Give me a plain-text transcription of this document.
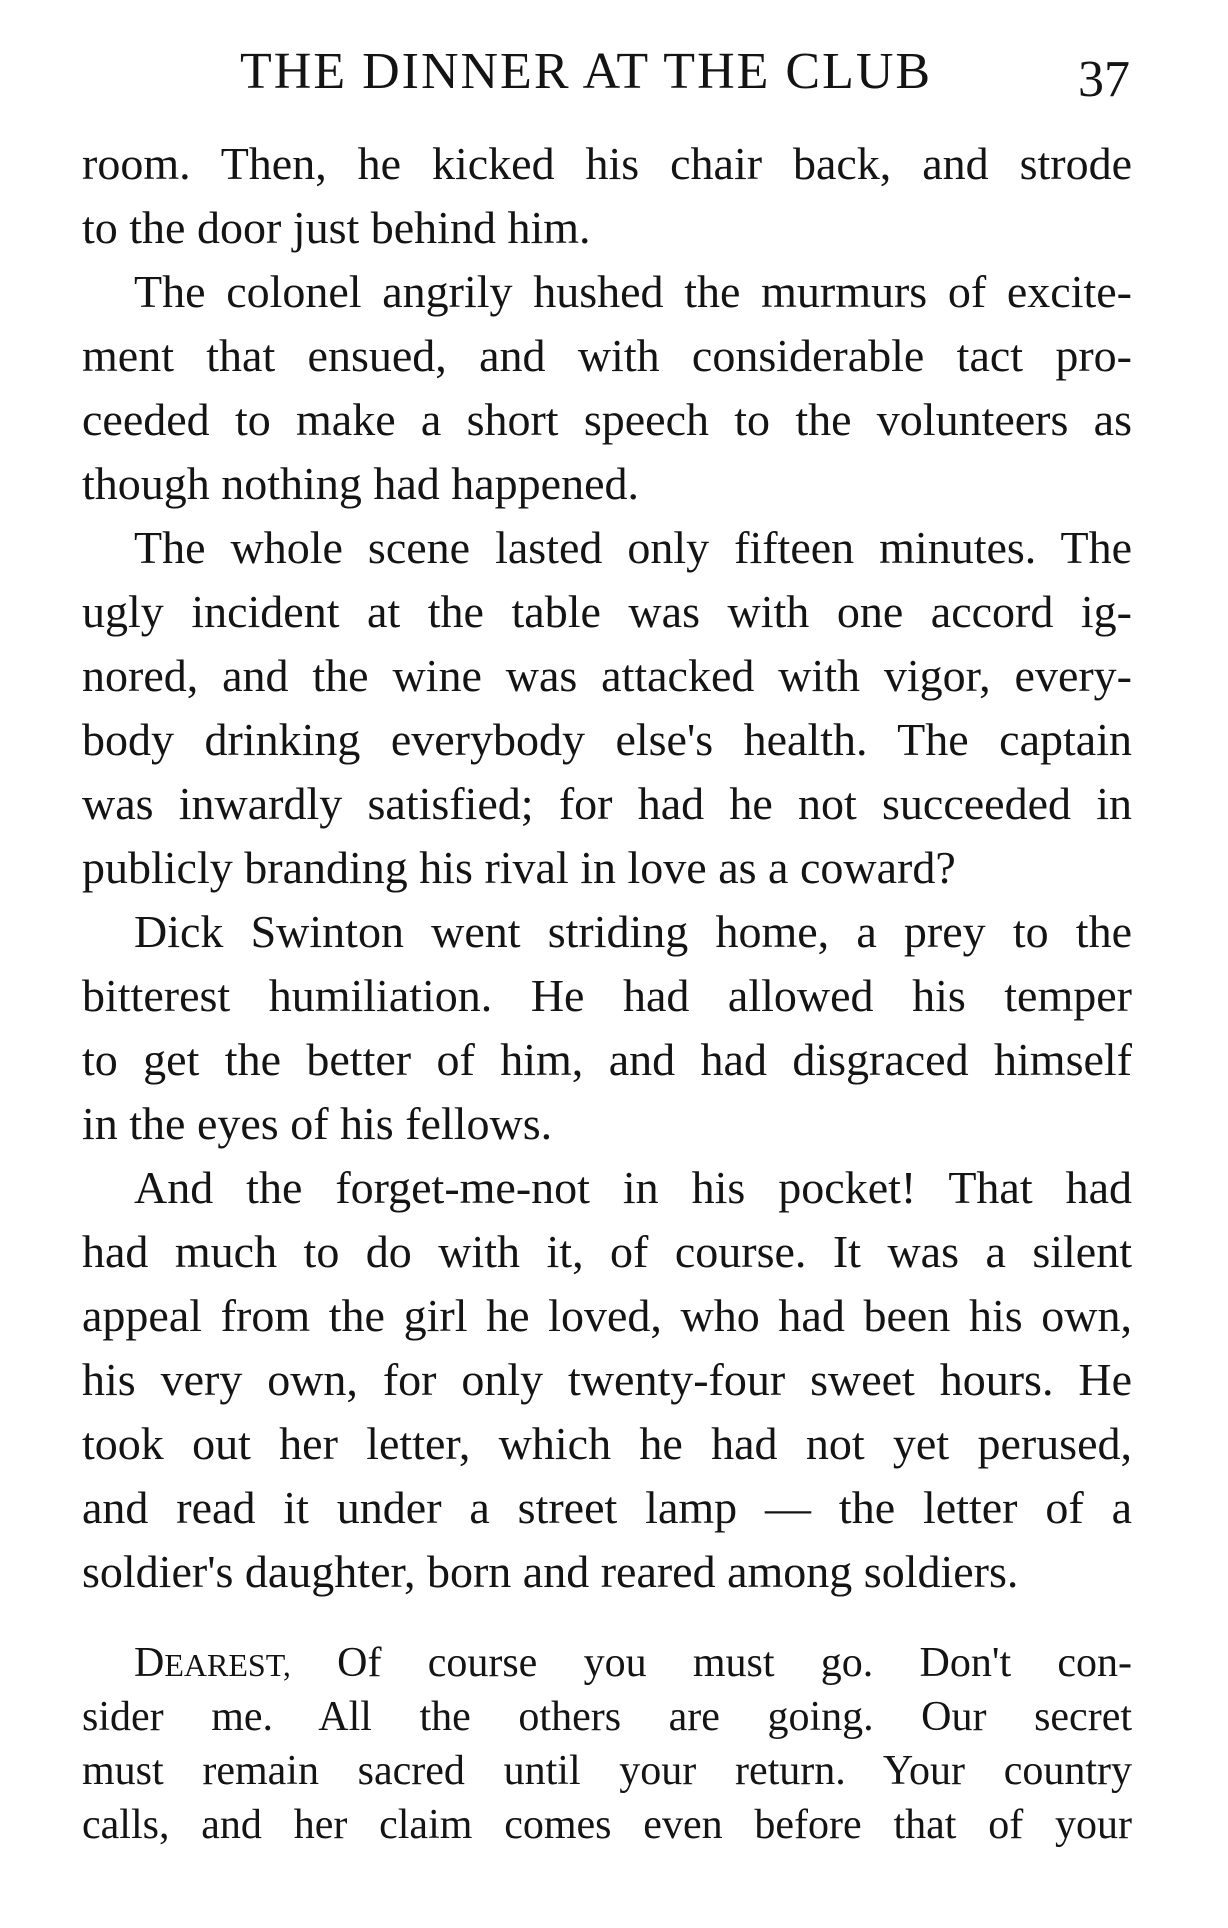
THE DINNER AT THE CLUB	37
room. Then, he kicked his chair back, and strode
to the door just behind him.
The colonel angrily hushed the murmurs of excite-
ment that ensued, and with considerable tact pro-
ceeded to make a short speech to the volunteers as
though nothing had happened.
The whole scene lasted only fifteen minutes. The
ugly incident at the table was with one accord ig-
nored, and the wine was attacked with vigor, every-
body drinking everybody else's health. The captain
was inwardly satisfied; for had he not succeeded in
publicly branding his rival in love as a coward?
Dick Swinton went striding home, a prey to the
bitterest humiliation. He had allowed his temper
to get the better of him, and had disgraced himself
in the eyes of his fellows.
And the forget-me-not in his pocket! That had
had much to do with it, of course. It was a silent
appeal from the girl he loved, who had been his own,
his very own, for only twenty-four sweet hours. He
took out her letter, which he had not yet perused,
and read it under a street lamp — the letter of a
soldier's daughter, born and reared among soldiers.
DEAREST, Of course you must go. Don't con-
sider me. All the others are going. Our secret
must remain sacred until your return. Your country
calls, and her claim comes even before that of your
